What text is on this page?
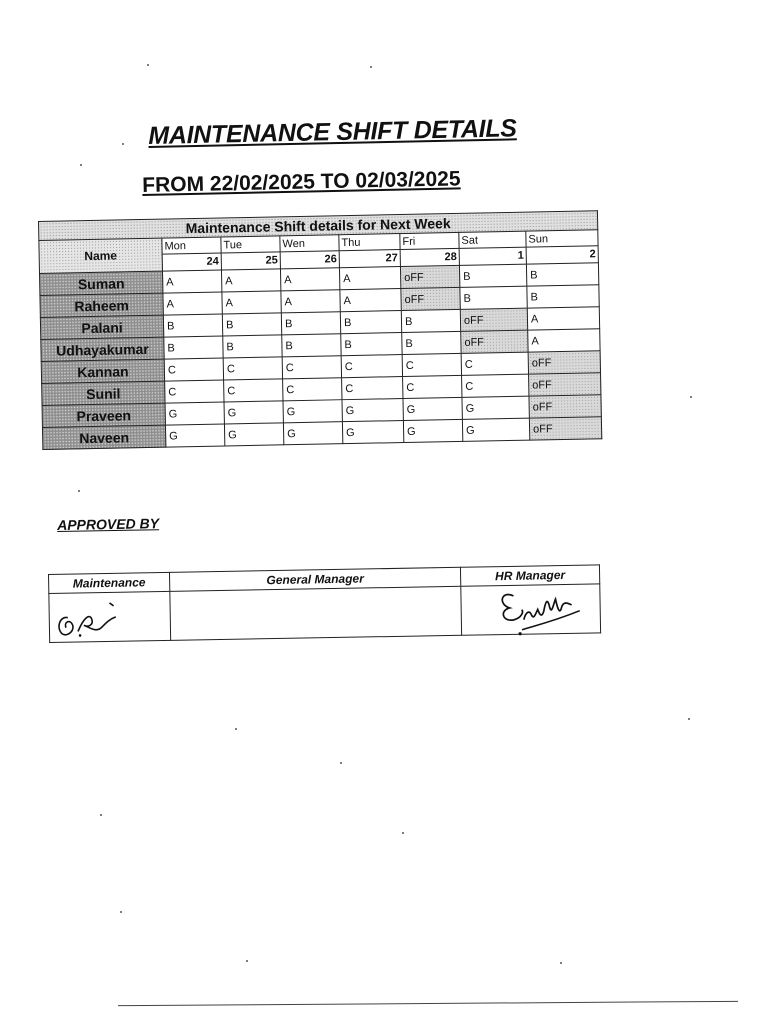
MAINTENANCE SHIFT DETAILS
FROM 22/02/2025 TO 02/03/2025
Maintenance Shift details for Next Week							
Name	Mon	Tue	Wen	Thu	Fri	Sat	Sun
	24	25	26	27	28	1	2
Suman	A	A	A	A	oFF	B	B
Raheem	A	A	A	A	oFF	B	B
Palani	B	B	B	B	B	oFF	A
Udhayakumar	B	B	B	B	B	oFF	A
Kannan	C	C	C	C	C	C	oFF
Sunil	C	C	C	C	C	C	oFF
Praveen	G	G	G	G	G	G	oFF
Naveen	G	G	G	G	G	G	oFF
APPROVED BY
Maintenance	General Manager	HR Manager
